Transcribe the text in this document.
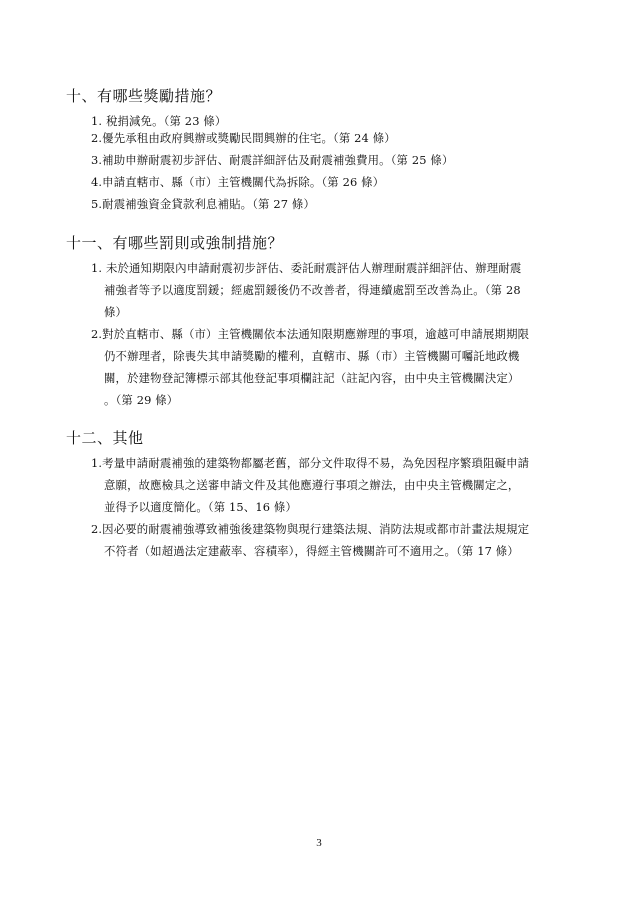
十、有哪些獎勵措施？
1. 稅捐減免。（第 23 條）
2.優先承租由政府興辦或獎勵民間興辦的住宅。（第 24 條）
3.補助申辦耐震初步評估、耐震詳細評估及耐震補強費用。（第 25 條）
4.申請直轄市、縣（市）主管機關代為拆除。（第 26 條）
5.耐震補強資金貸款利息補貼。（第 27 條）
十一、有哪些罰則或強制措施？
1. 未於通知期限內申請耐震初步評估、委託耐震評估人辦理耐震詳細評估、辦理耐震
補強者等予以適度罰鍰；經處罰鍰後仍不改善者，得連續處罰至改善為止。（第 28
條）
2.對於直轄市、縣（市）主管機關依本法通知限期應辦理的事項，逾越可申請展期期限
仍不辦理者，除喪失其申請獎勵的權利，直轄市、縣（市）主管機關可囑託地政機
關，於建物登記簿標示部其他登記事項欄註記（註記內容，由中央主管機關決定）
。（第 29 條）
十二、其他
1.考量申請耐震補強的建築物都屬老舊，部分文件取得不易，為免因程序繁瑣阻礙申請
意願，故應檢具之送審申請文件及其他應遵行事項之辦法，由中央主管機關定之，
並得予以適度簡化。（第 15、16 條）
2.因必要的耐震補強導致補強後建築物與現行建築法規、消防法規或都市計畫法規規定
不符者（如超過法定建蔽率、容積率），得經主管機關許可不適用之。（第 17 條）
3
